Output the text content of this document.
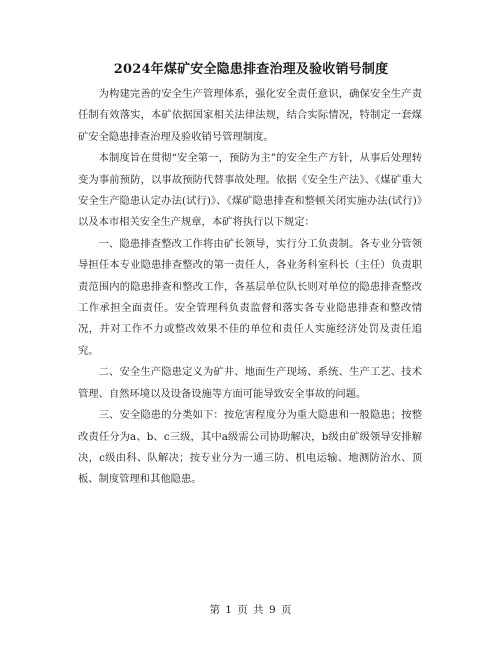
2024年煤矿安全隐患排查治理及验收销号制度

为构建完善的安全生产管理体系，强化安全责任意识，确保安全生产责任制有效落实，本矿依据国家相关法律法规，结合实际情况，特制定一套煤矿安全隐患排查治理及验收销号管理制度。

本制度旨在贯彻“安全第一，预防为主”的安全生产方针，从事后处理转变为事前预防，以事故预防代替事故处理。依据《安全生产法》、《煤矿重大安全生产隐患认定办法(试行)》、《煤矿隐患排查和整顿关闭实施办法(试行)》以及本市相关安全生产规章，本矿将执行以下规定：

一、隐患排查整改工作将由矿长领导，实行分工负责制。各专业分管领导担任本专业隐患排查整改的第一责任人，各业务科室科长（主任）负责职责范围内的隐患排查和整改工作，各基层单位队长则对单位的隐患排查整改工作承担全面责任。安全管理科负责监督和落实各专业隐患排查和整改情况，并对工作不力或整改效果不佳的单位和责任人实施经济处罚及责任追究。

二、安全生产隐患定义为矿井、地面生产现场、系统、生产工艺、技术管理、自然环境以及设备设施等方面可能导致安全事故的问题。

三、安全隐患的分类如下：按危害程度分为重大隐患和一般隐患；按整改责任分为a、b、c三级，其中a级需公司协助解决，b级由矿级领导安排解决，c级由科、队解决；按专业分为一通三防、机电运输、地测防治水、顶板、制度管理和其他隐患。

第 1 页 共 9 页
